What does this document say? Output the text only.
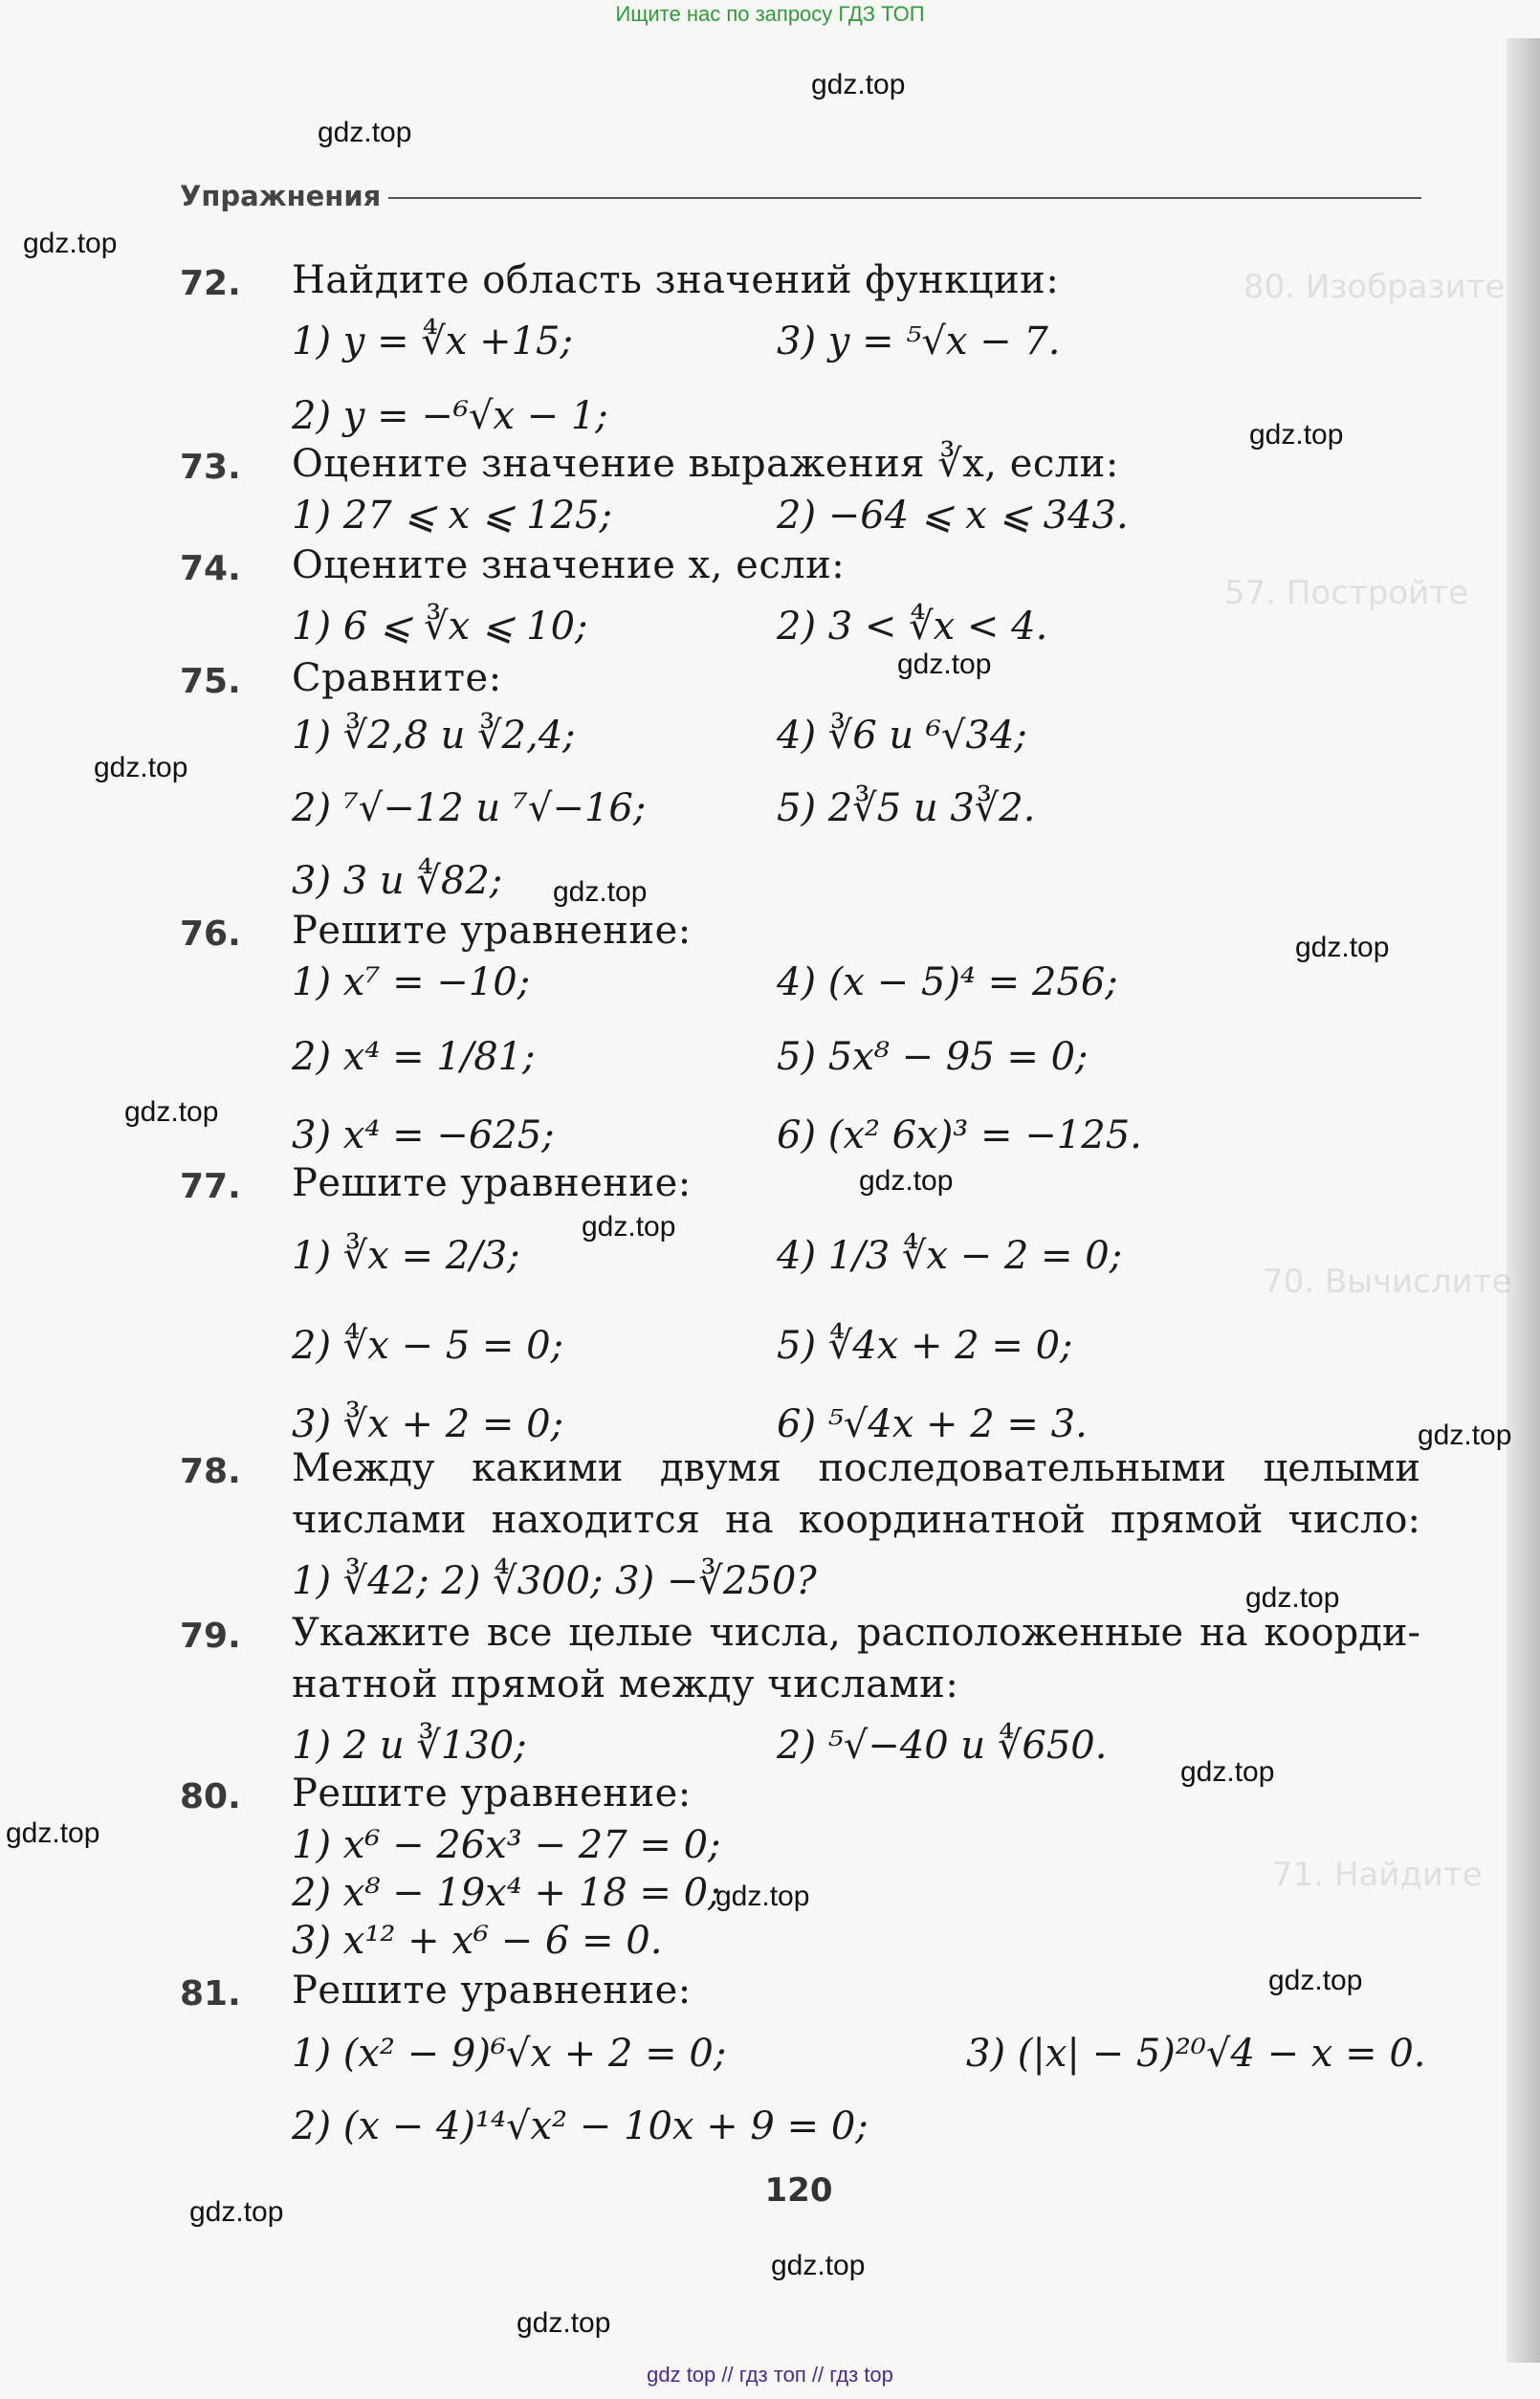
80. Изобразите
57. Постройте
70. Вычислите
71. Найдите
Ищите нас по запросу ГДЗ ТОП
gdz.top
gdz.top
gdz.top
gdz.top
gdz.top
gdz.top
gdz.top
gdz.top
gdz.top
gdz.top
gdz.top
gdz.top
gdz.top
gdz.top
gdz.top
gdz.top
gdz.top
gdz.top
gdz.top
gdz.top
Упражнения
72.	Найдите область значений функции:
1) y = ∜x +15;	3) y = ⁵√x − 7.
2) y = −⁶√x − 1;
73.	Оцените значение выражения ∛x, если:
1) 27 ⩽ x ⩽ 125;	2) −64 ⩽ x ⩽ 343.
74.	Оцените значение x, если:
1) 6 ⩽ ∛x ⩽ 10;	2) 3 < ∜x < 4.
75.	Сравните:
1) ∛2,8 и ∛2,4;	4) ∛6 и ⁶√34;
2) ⁷√−12 и ⁷√−16;	5) 2∛5 и 3∛2.
3) 3 и ∜82;
76.	Решите уравнение:
1) x⁷ = −10;	4) (x − 5)⁴ = 256;
2) x⁴ = 1/81;	5) 5x⁸ − 95 = 0;
3) x⁴ = −625;	6) (x² 6x)³ = −125.
77.	Решите уравнение:
1) ∛x = 2/3;	4) 1/3 ∜x − 2 = 0;
2) ∜x − 5 = 0;	5) ∜4x + 2 = 0;
3) ∛x + 2 = 0;	6) ⁵√4x + 2 = 3.
78.	Между какими двумя последовательными целыми
числами находится на координатной прямой число:
1) ∛42; 2) ∜300; 3) −∛250?
79.	Укажите все целые числа, расположенные на коорди-
натной прямой между числами:
1) 2 и ∛130;	2) ⁵√−40 и ∜650.
80.	Решите уравнение:
1) x⁶ − 26x³ − 27 = 0;
2) x⁸ − 19x⁴ + 18 = 0;
3) x¹² + x⁶ − 6 = 0.
81.	Решите уравнение:
1) (x² − 9)⁶√x + 2 = 0;	3) (|x| − 5)²⁰√4 − x = 0.
2) (x − 4)¹⁴√x² − 10x + 9 = 0;
120
gdz top // гдз топ // гдз top
